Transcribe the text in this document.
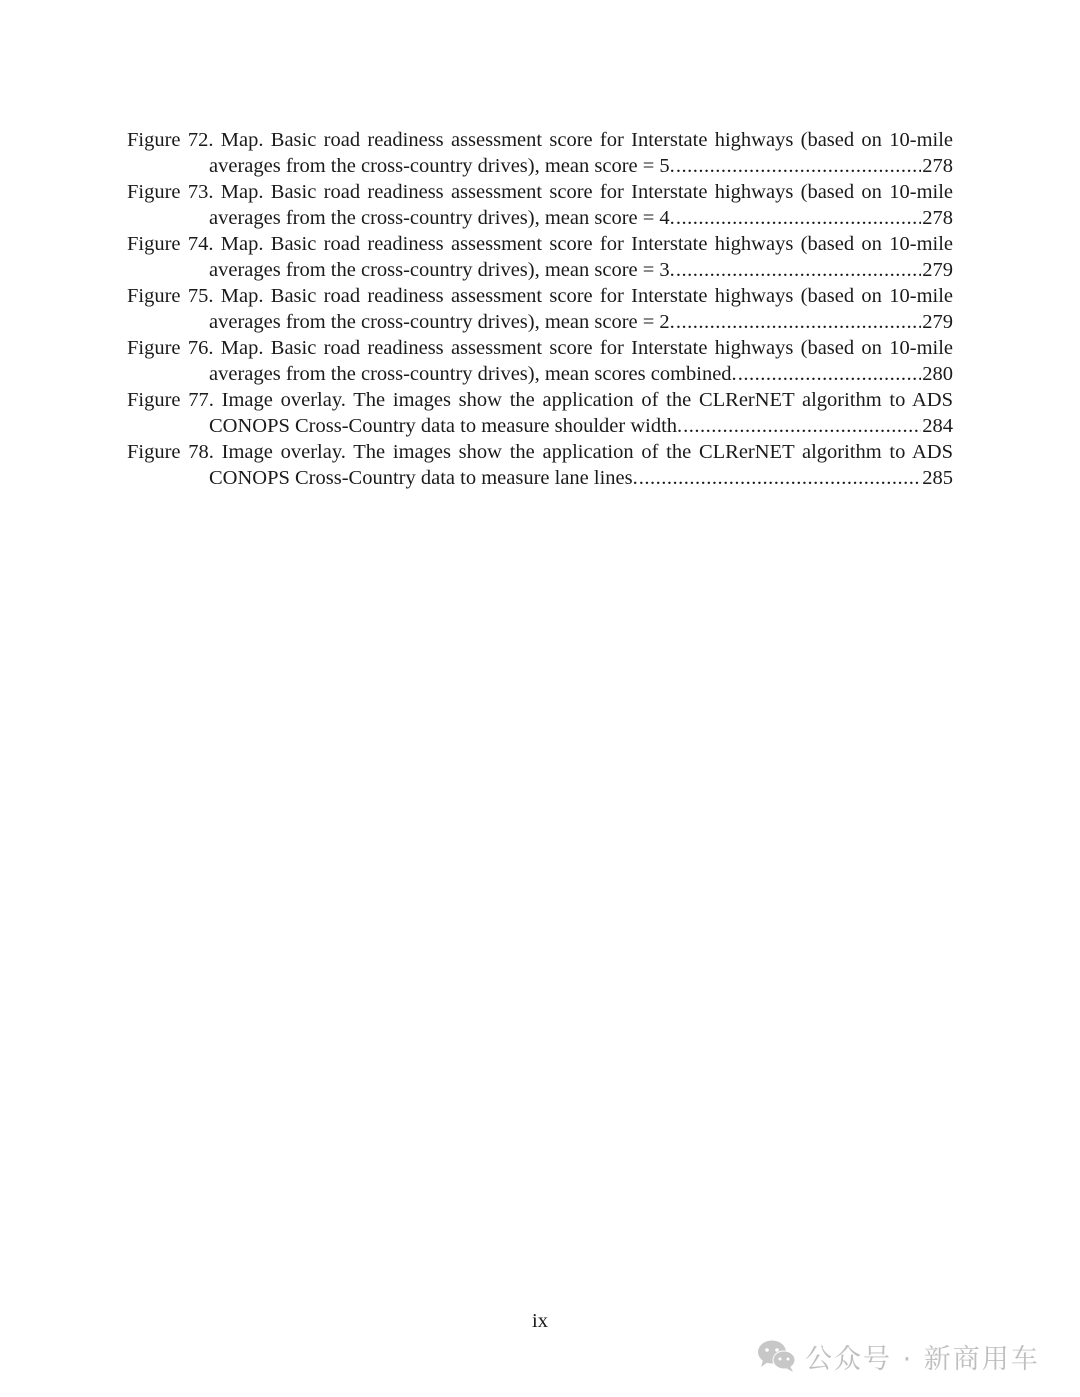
Figure 72. Map. Basic road readiness assessment score for Interstate highways (based on 10-mile
averages from the cross-country drives), mean score = 5. .....	278
Figure 73. Map. Basic road readiness assessment score for Interstate highways (based on 10-mile
averages from the cross-country drives), mean score = 4. .....	278
Figure 74. Map. Basic road readiness assessment score for Interstate highways (based on 10-mile
averages from the cross-country drives), mean score = 3. .....	279
Figure 75. Map. Basic road readiness assessment score for Interstate highways (based on 10-mile
averages from the cross-country drives), mean score = 2. .....	279
Figure 76. Map. Basic road readiness assessment score for Interstate highways (based on 10-mile
averages from the cross-country drives), mean scores combined. .....	280
Figure 77. Image overlay. The images show the application of the CLRerNET algorithm to ADS
CONOPS Cross-Country data to measure shoulder width. .....	284
Figure 78. Image overlay. The images show the application of the CLRerNET algorithm to ADS
CONOPS Cross-Country data to measure lane lines. .....	285
ix
公众号 · 新商用车
